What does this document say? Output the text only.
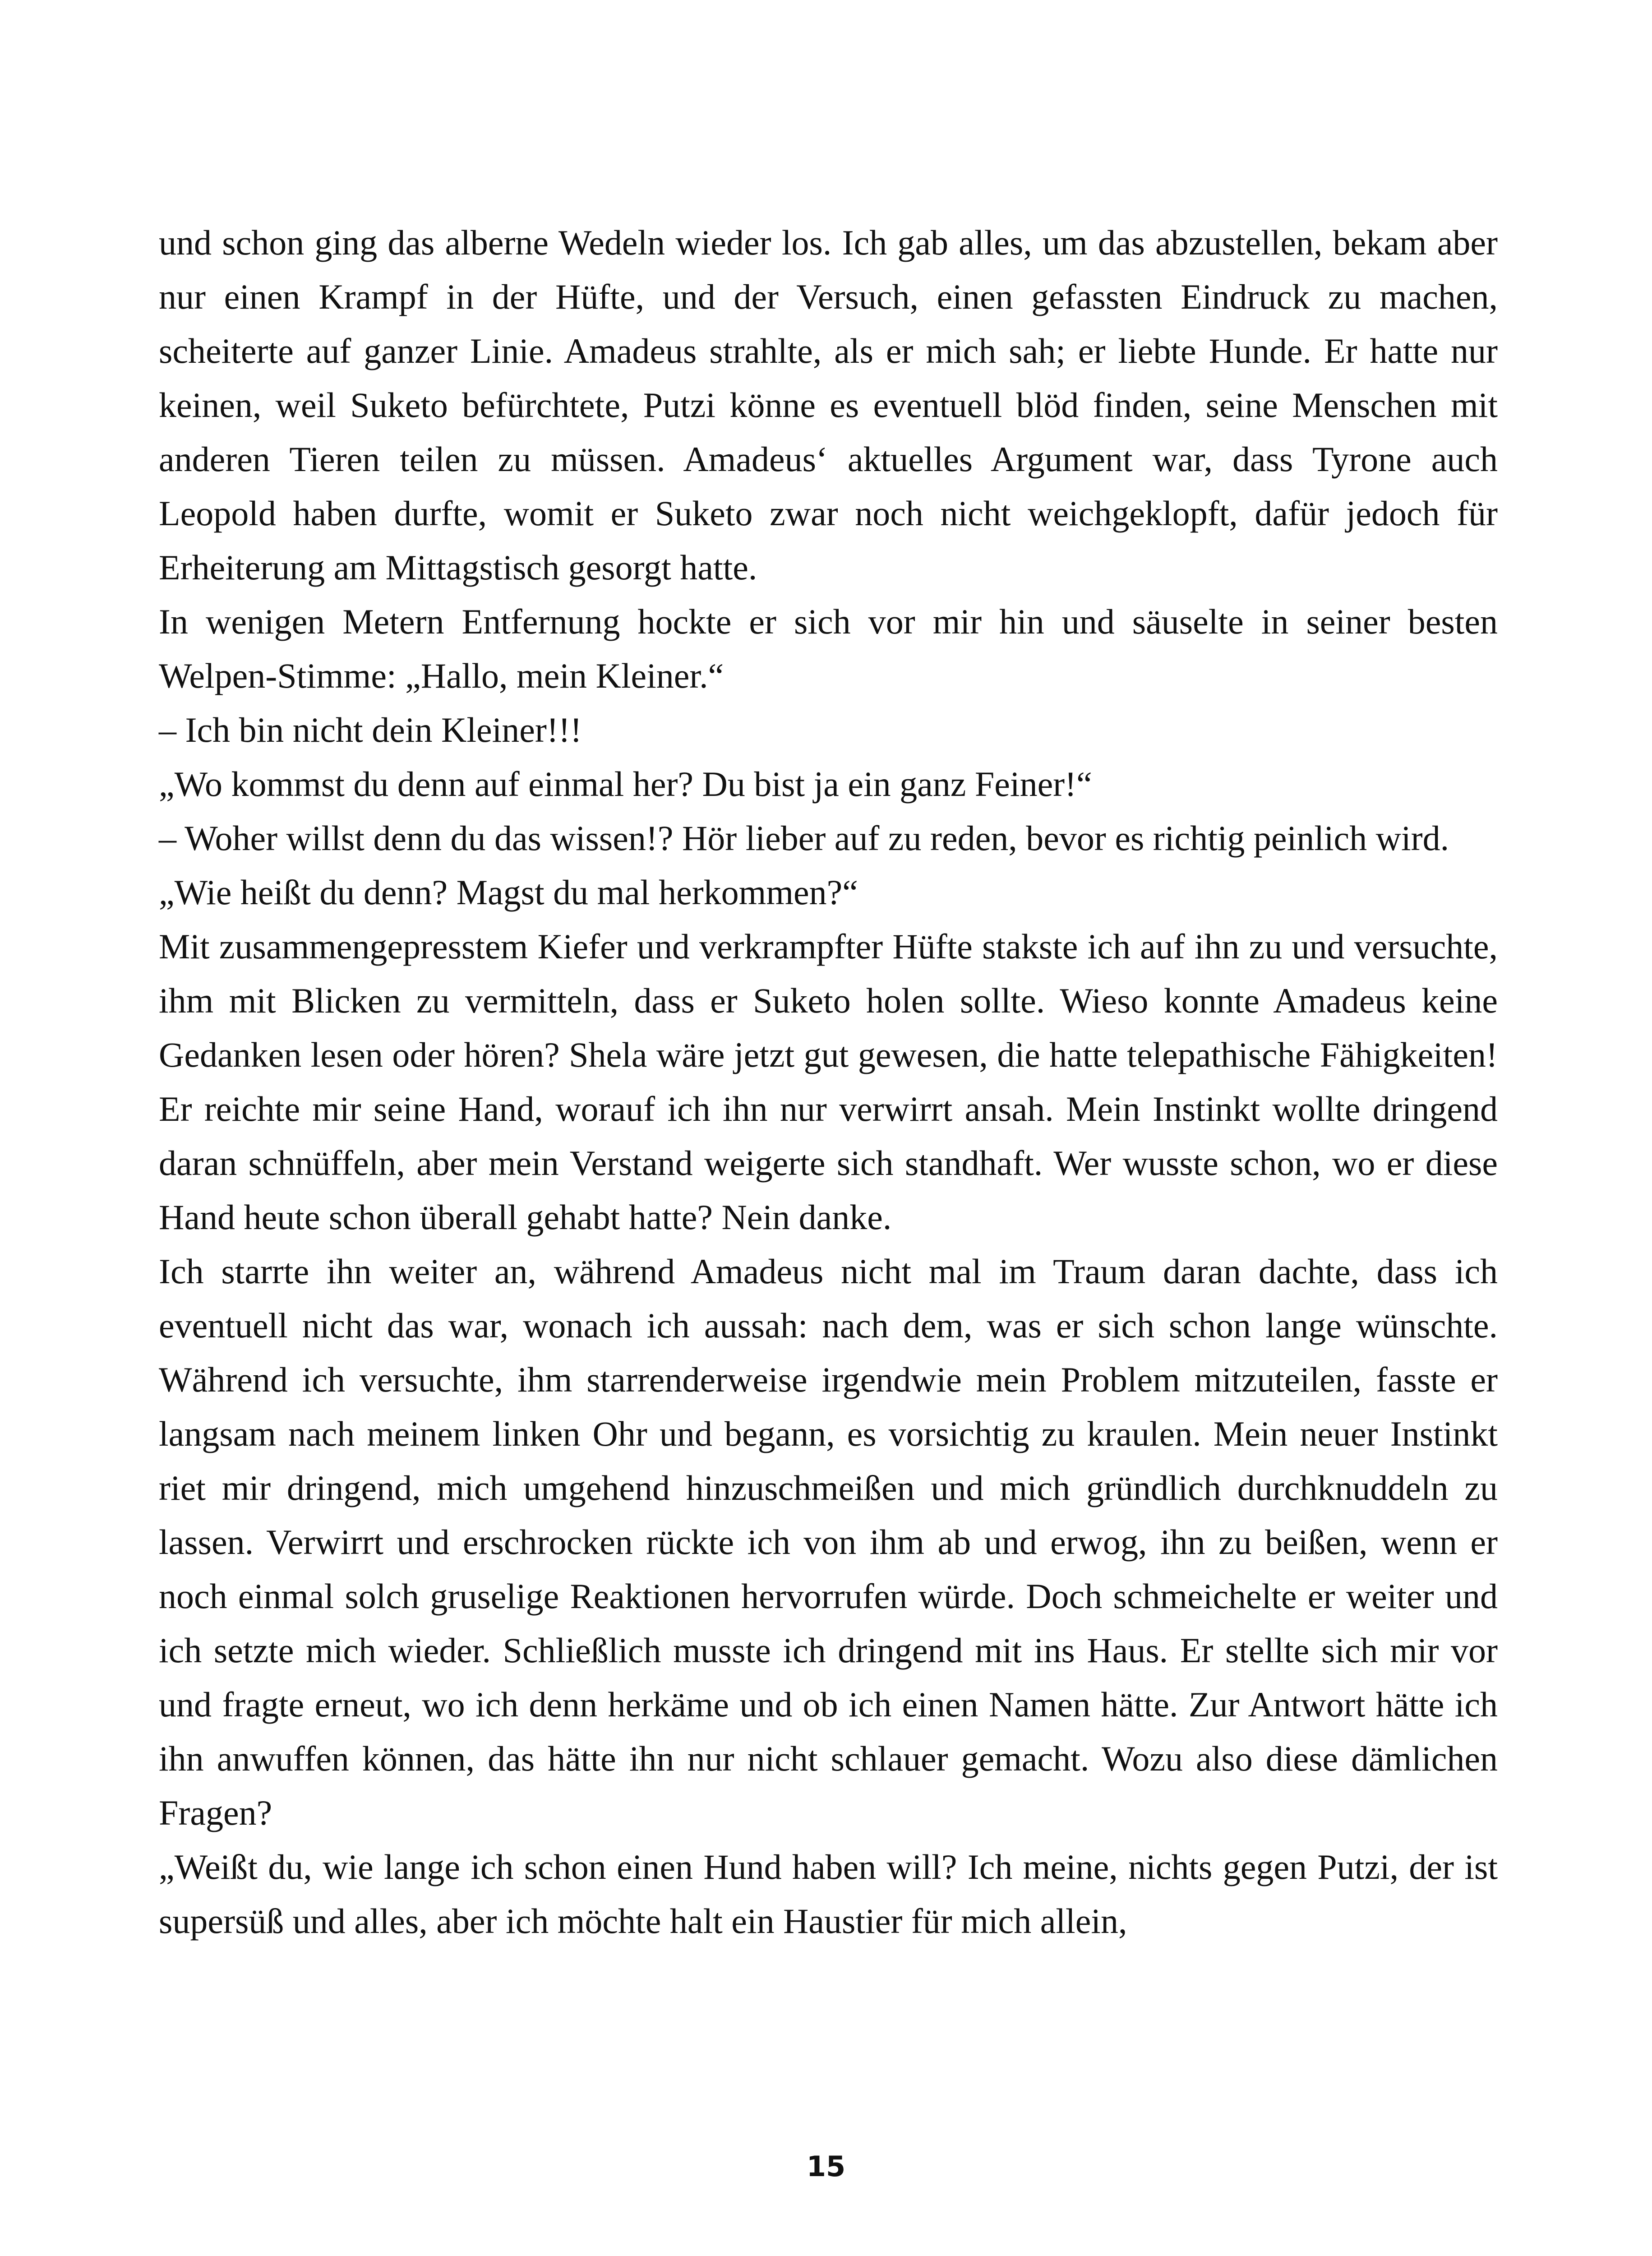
und schon ging das alberne Wedeln wieder los. Ich gab alles, um das abzustellen, bekam aber nur einen Krampf in der Hüfte, und der Versuch, einen gefassten Eindruck zu machen, scheiterte auf ganzer Linie. Amadeus strahlte, als er mich sah; er liebte Hunde. Er hatte nur keinen, weil Suketo befürchtete, Putzi könne es eventuell blöd finden, seine Menschen mit anderen Tieren teilen zu müssen. Amadeus‘ aktuelles Argument war, dass Tyrone auch Leopold haben durfte, womit er Suketo zwar noch nicht weichgeklopft, dafür jedoch für Erheiterung am Mittagstisch gesorgt hatte.

In wenigen Metern Entfernung hockte er sich vor mir hin und säuselte in seiner besten Welpen-Stimme: „Hallo, mein Kleiner.“

– Ich bin nicht dein Kleiner!!!

„Wo kommst du denn auf einmal her? Du bist ja ein ganz Feiner!“

– Woher willst denn du das wissen!? Hör lieber auf zu reden, bevor es richtig peinlich wird.

„Wie heißt du denn? Magst du mal herkommen?“

Mit zusammengepresstem Kiefer und verkrampfter Hüfte stakste ich auf ihn zu und versuchte, ihm mit Blicken zu vermitteln, dass er Suketo holen sollte. Wieso konnte Amadeus keine Gedanken lesen oder hören? Shela wäre jetzt gut gewesen, die hatte telepathische Fähigkeiten! Er reichte mir seine Hand, worauf ich ihn nur verwirrt ansah. Mein Instinkt wollte dringend daran schnüffeln, aber mein Verstand weigerte sich standhaft. Wer wusste schon, wo er diese Hand heute schon überall gehabt hatte? Nein danke.

Ich starrte ihn weiter an, während Amadeus nicht mal im Traum daran dachte, dass ich eventuell nicht das war, wonach ich aussah: nach dem, was er sich schon lange wünschte. Während ich versuchte, ihm starrenderweise irgendwie mein Problem mitzuteilen, fasste er langsam nach meinem linken Ohr und begann, es vorsichtig zu kraulen. Mein neuer Instinkt riet mir dringend, mich umgehend hinzuschmeißen und mich gründlich durchknuddeln zu lassen. Verwirrt und erschrocken rückte ich von ihm ab und erwog, ihn zu beißen, wenn er noch einmal solch gruselige Reaktionen hervorrufen würde. Doch schmeichelte er weiter und ich setzte mich wieder. Schließlich musste ich dringend mit ins Haus. Er stellte sich mir vor und fragte erneut, wo ich denn herkäme und ob ich einen Namen hätte. Zur Antwort hätte ich ihn anwuffen können, das hätte ihn nur nicht schlauer gemacht. Wozu also diese dämlichen Fragen?

„Weißt du, wie lange ich schon einen Hund haben will? Ich meine, nichts gegen Putzi, der ist supersüß und alles, aber ich möchte halt ein Haustier für mich allein,

15
